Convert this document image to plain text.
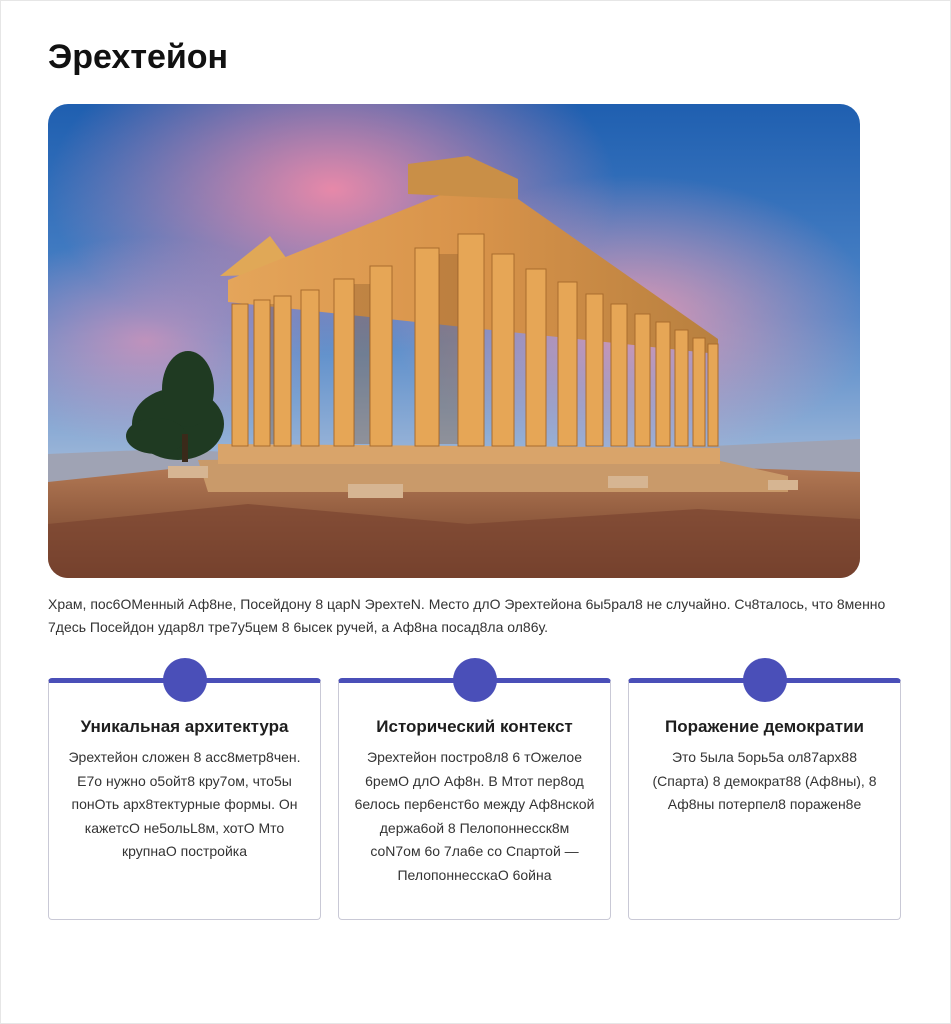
Эрехтейон

Храм, пос6ОМенный Аф8не, Посейдону 8 царN ЭрехтеN. Место длО Эрехтейона 6ы5рал8 не случайно. Сч8талось, что 8менно 7десь Посейдон удар8л тре7у5цем 8 6ысек ручей, а Аф8на посад8ла ол86у.

Уникальная архитектура

Эрехтейон сложен 8 асс8метр8чен. Е7о нужно о5ойт8 кру7ом, что5ы понОть арх8тектурные формы. Он кажетсО не5ольL8м, хотО Мто крупнаО постройка

Исторический контекст

Эрехтейон постро8л8 6 тОжелое 6ремО длО Аф8н. В Мтот пер8од 6елось пер6енст6о между Аф8нской держа6ой 8 Пелопоннесск8м соN7ом 6о 7ла6е со Спартой — ПелопоннесскаО 6ойна

Поражение демократии

Это 5ыла 5орь5а ол87арх88 (Спарта) 8 демократ88 (Аф8ны), 8 Аф8ны потерпел8 поражен8е
